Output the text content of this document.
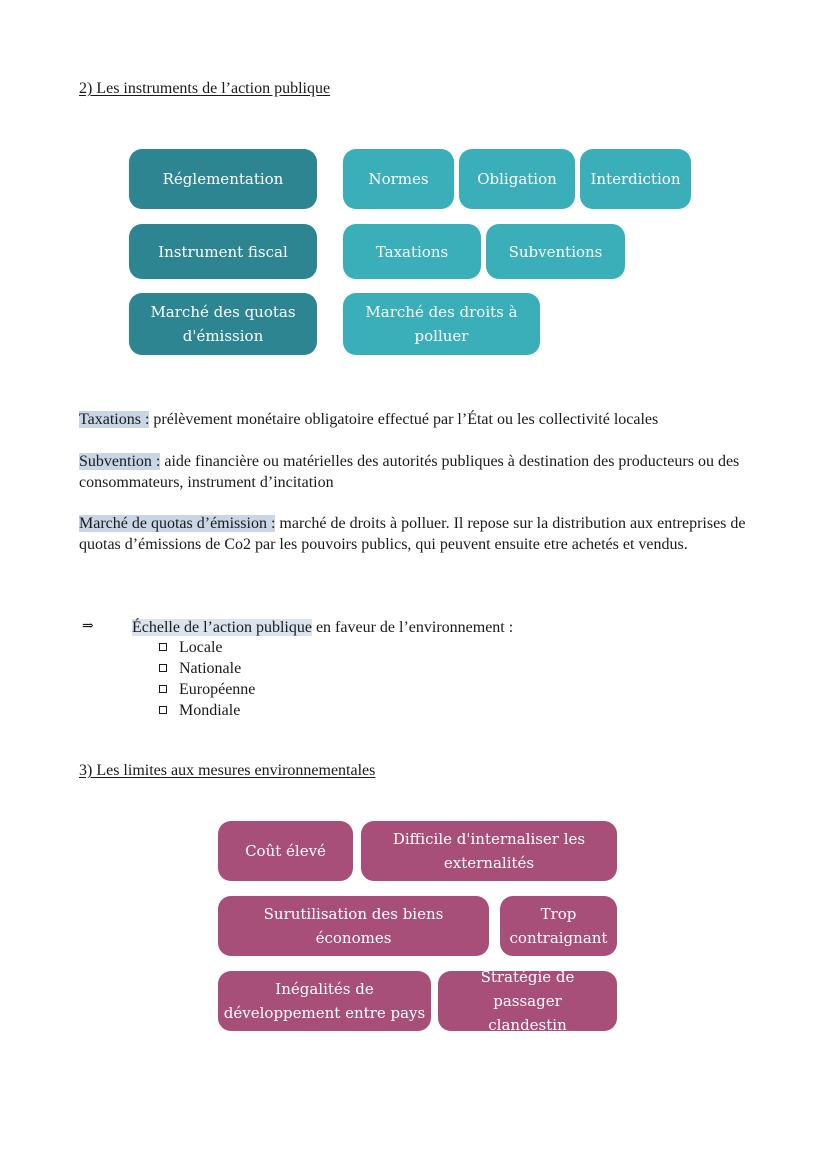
2) Les instruments de l’action publique
Réglementation	Normes	Obligation	Interdiction
Instrument fiscal	Taxations	Subventions
Marché des quotas d'émission
Marché des droits à polluer
Taxations : prélèvement monétaire obligatoire effectué par l’État ou les collectivité locales
Subvention : aide financière ou matérielles des autorités publiques à destination des producteurs ou des consommateurs, instrument d’incitation
Marché de quotas d’émission : marché de droits à polluer. Il repose sur la distribution aux entreprises de quotas d’émissions de Co2 par les pouvoirs publics, qui peuvent ensuite etre achetés et vendus.
⇒ Échelle de l’action publique en faveur de l’environnement :
Locale
Nationale
Européenne
Mondiale
3) Les limites aux mesures environnementales
Coût élevé
Difficile d'internaliser les externalités
Surutilisation des biens économes
Trop contraignant
Inégalités de développement entre pays
Stratégie de passager clandestin
